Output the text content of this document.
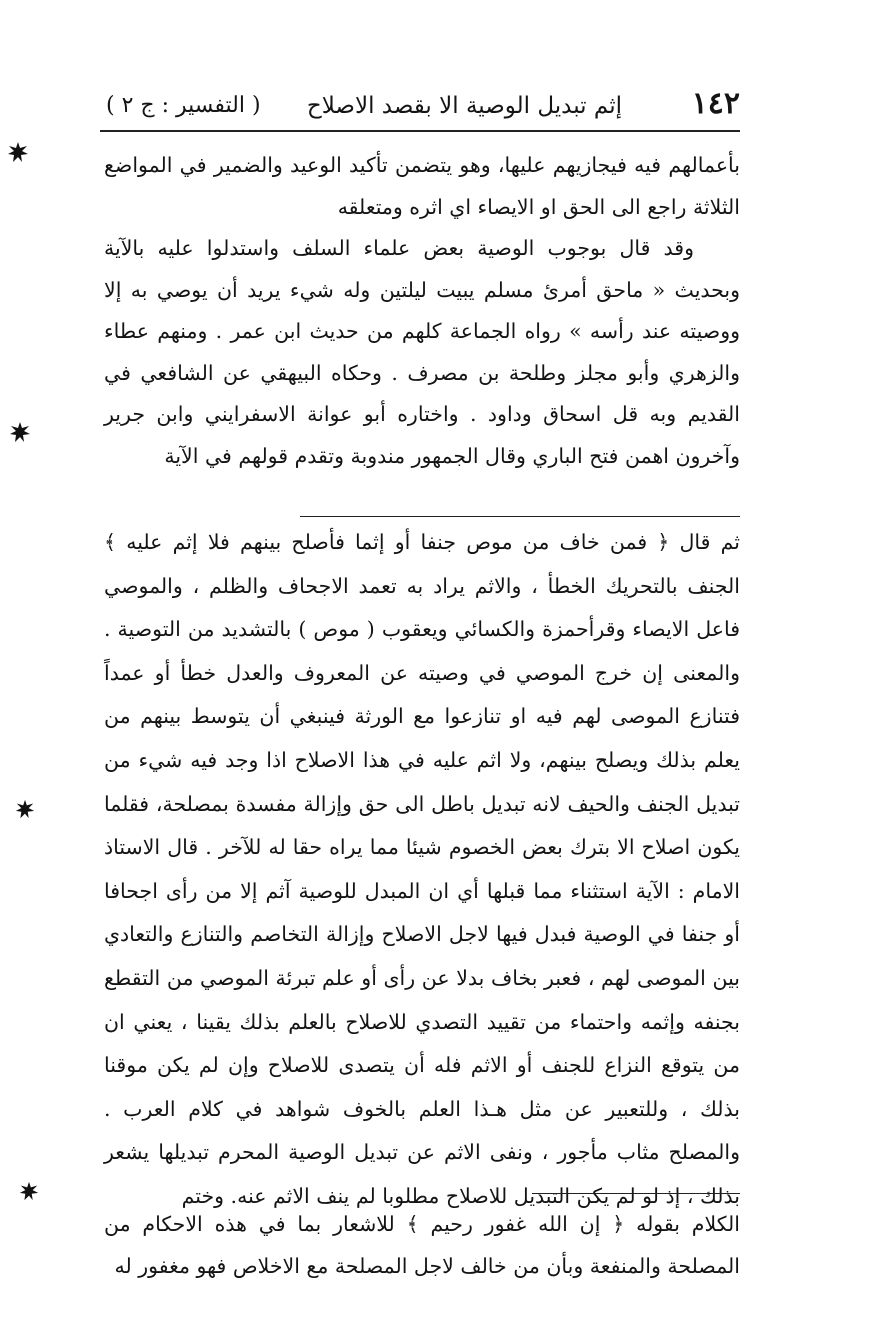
١٤٢
إثم تبديل الوصية الا بقصد الاصلاح
( التفسير : ج ٢ )

بأعمالهم فيه فيجازيهم عليها، وهو يتضمن تأكيد الوعيد والضمير في المواضع الثلاثة راجع الى الحق او الايصاء اي اثره ومتعلقه

وقد قال بوجوب الوصية بعض علماء السلف واستدلوا عليه بالآية وبحديث « ماحق أمرئ مسلم يبيت ليلتين وله شيء يريد أن يوصي به إلا ووصيته عند رأسه » رواه الجماعة كلهم من حديث ابن عمر . ومنهم عطاء والزهري وأبو مجلز وطلحة بن مصرف . وحكاه البيهقي عن الشافعي في القديم وبه قل اسحاق وداود . واختاره أبو عوانة الاسفرايني وابن جرير وآخرون اهمن فتح الباري وقال الجمهور مندوبة وتقدم قولهم في الآية

ثم قال ﴿ فمن خاف من موص جنفا أو إثما فأصلح بينهم فلا إثم عليه ﴾ الجنف بالتحريك الخطأ ، والاثم يراد به تعمد الاجحاف والظلم ، والموصي فاعل الايصاء وقرأحمزة والكسائي ويعقوب ( موص ) بالتشديد من التوصية . والمعنى إن خرج الموصي في وصيته عن المعروف والعدل خطأ أو عمداً فتنازع الموصى لهم فيه او تنازعوا مع الورثة فينبغي أن يتوسط بينهم من يعلم بذلك ويصلح بينهم، ولا اثم عليه في هذا الاصلاح اذا وجد فيه شيء من تبديل الجنف والحيف لانه تبديل باطل الى حق وإزالة مفسدة بمصلحة، فقلما يكون اصلاح الا بترك بعض الخصوم شيئا مما يراه حقا له للآخر . قال الاستاذ الامام : الآية استثناء مما قبلها أي ان المبدل للوصية آثم إلا من رأى اجحافا أو جنفا في الوصية فبدل فيها لاجل الاصلاح وإزالة التخاصم والتنازع والتعادي بين الموصى لهم ، فعبر بخاف بدلا عن رأى أو علم تبرئة الموصي من التقطع بجنفه وإثمه واحتماء من تقييد التصدي للاصلاح بالعلم بذلك يقينا ، يعني ان من يتوقع النزاع للجنف أو الاثم فله أن يتصدى للاصلاح وإن لم يكن موقنا بذلك ، وللتعبير عن مثل هـذا العلم بالخوف شواهد في كلام العرب . والمصلح مثاب مأجور ، ونفى الاثم عن تبديل الوصية المحرم تبديلها يشعر بذلك ، إذ لو لم يكن التبديل للاصلاح مطلوبا لم ينف الاثم عنه. وختم

الكلام بقوله ﴿ إن الله غفور رحيم ﴾ للاشعار بما في هذه الاحكام من المصلحة والمنفعة وبأن من خالف لاجل المصلحة مع الاخلاص فهو مغفور له
